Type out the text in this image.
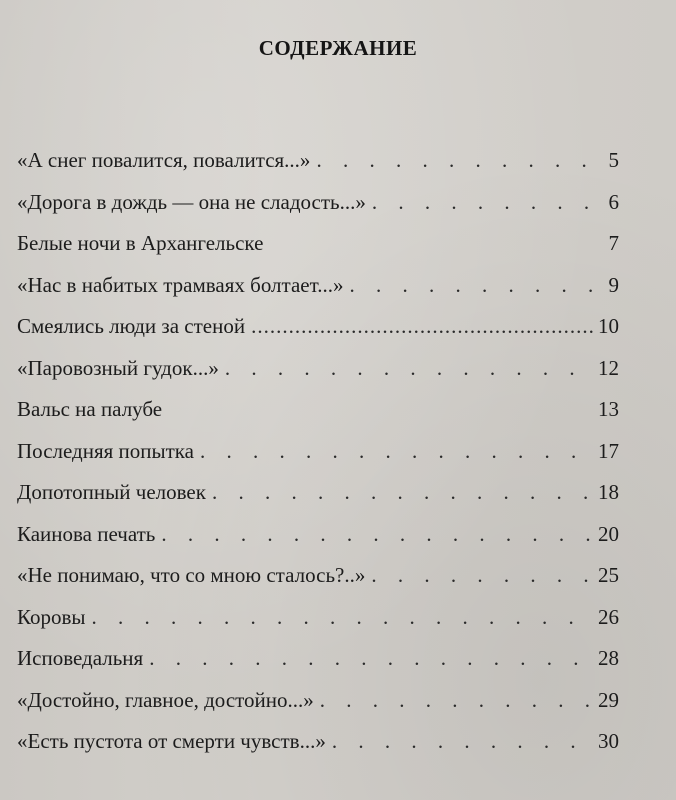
СОДЕРЖАНИЕ
«А снег повалится, повалится...» . . .	5
«Дорога в дождь — она не сладость...» . . .	6
Белые ночи в Архангельске	7
«Нас в набитых трамваях болтает...» . . .	9
Смеялись люди за стеной .....	10
«Паровозный гудок...» . . .	12
Вальс на палубе	13
Последняя попытка . . .	17
Допотопный человек . . .	18
Каинова печать . . .	20
«Не понимаю, что со мною сталось?..» . . .	25
Коровы . . .	26
Исповедальня . . .	28
«Достойно, главное, достойно...» . . .	29
«Есть пустота от смерти чувств...» . . .	30
